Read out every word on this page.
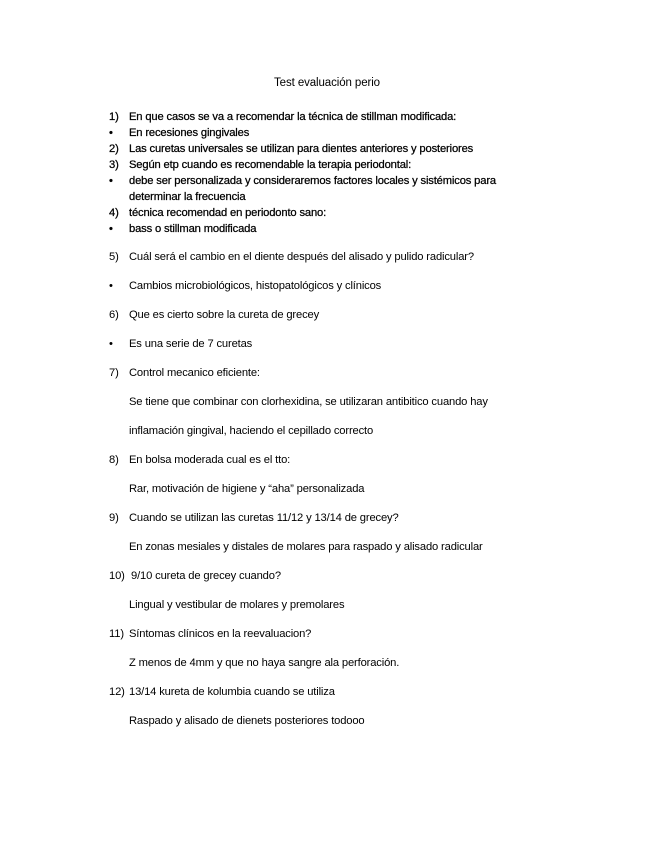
Test evaluación perio
1) En que casos se va a recomendar la técnica de stillman modificada:
•	En recesiones gingivales
2) Las curetas universales se utilizan para dientes anteriores y posteriores
3) Según etp cuando es recomendable la terapia periodontal:
•	debe ser personalizada y consideraremos factores locales y sistémicos para determinar la frecuencia
4) técnica recomendad en periodonto sano:
•	bass o stillman modificada
5) Cuál será el cambio en el diente después del alisado y pulido radicular?
•	Cambios microbiológicos, histopatológicos y clínicos
6) Que es cierto sobre la cureta de grecey
•	Es una serie de 7 curetas
7) Control mecanico eficiente:
Se tiene que combinar con clorhexidina, se utilizaran antibitico cuando hay
inflamación gingival, haciendo el cepillado correcto
8) En bolsa moderada cual es el tto:
Rar, motivación de higiene y “aha” personalizada
9) Cuando se utilizan las curetas 11/12 y 13/14 de grecey?
En zonas mesiales y distales de molares para raspado y alisado radicular
10) 9/10 cureta de grecey cuando?
Lingual y vestibular de molares y premolares
11) Síntomas clínicos en la reevaluacion?
Z menos de 4mm y que no haya sangre ala perforación.
12) 13/14 kureta de kolumbia cuando se utiliza
Raspado y alisado de dienets posteriores todooo
